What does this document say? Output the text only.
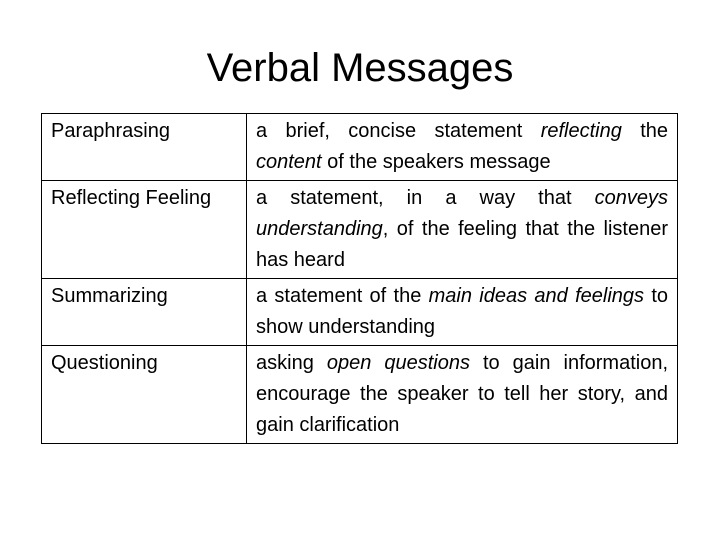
Verbal Messages
Paraphrasing	a brief, concise statement reflecting the content of the speakers message
Reflecting Feeling	a statement, in a way that conveys understanding, of the feeling that the listener has heard
Summarizing	a statement of the main ideas and feelings to show understanding
Questioning	asking open questions to gain information, encourage the speaker to tell her story, and gain clarification
